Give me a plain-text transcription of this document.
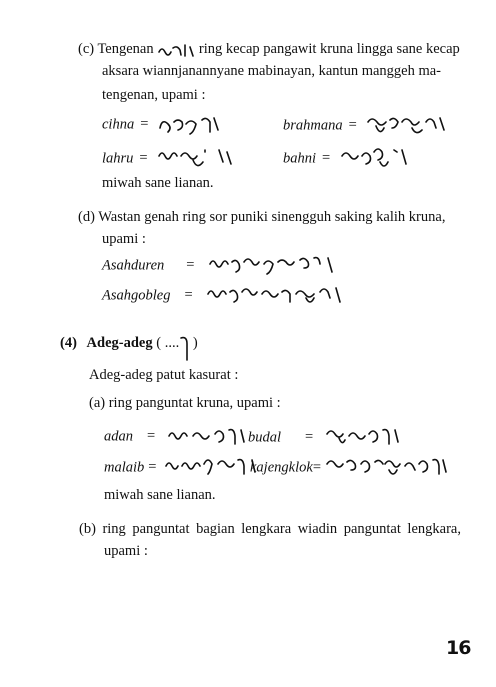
(c) Tengenan	ring kecap pangawit kruna lingga sane kecap
aksara wiannjanannyane mabinayan, kantun manggeh ma-
tengenan, upami :
cihna =	brahmana =
lahru =	bahni =
miwah sane lianan.
(d) Wastan genah ring sor puniki sinengguh saking kalih kruna,
upami :
Asahduren =
Asahgobleg =
(4) Adeg-adeg ( .... )
Adeg-adeg patut kasurat :
(a) ring panguntat kruna, upami :
adan =	budal =
malaib =	kajengklok=
miwah sane lianan.
(b) ring panguntat bagian lengkara wiadin panguntat lengkara,
upami :
16
